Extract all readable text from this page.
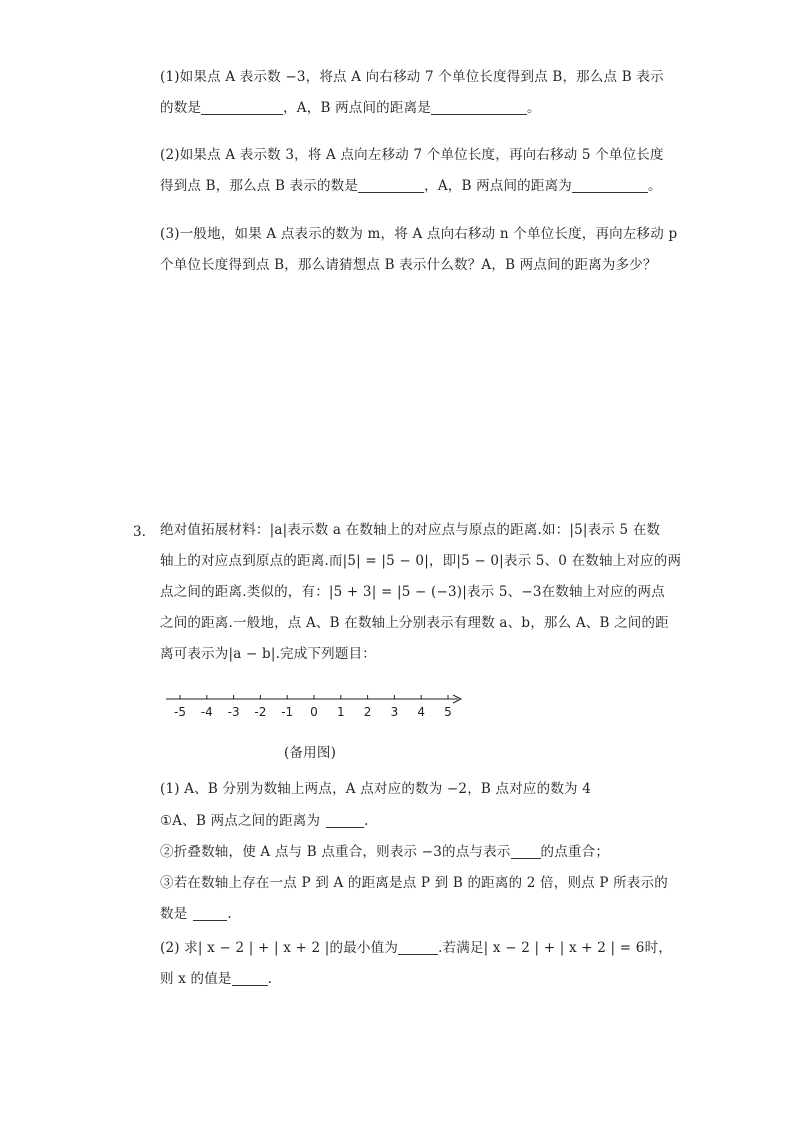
(1)如果点 A 表示数 −3，将点 A 向右移动 7 个单位长度得到点 B，那么点 B 表示
的数是	，A，B 两点间的距离是	。
(2)如果点 A 表示数 3，将 A 点向左移动 7 个单位长度，再向右移动 5 个单位长度
得到点 B，那么点 B 表示的数是	，A，B 两点间的距离为	。
(3)一般地，如果 A 点表示的数为 m，将 A 点向右移动 n 个单位长度，再向左移动 p
个单位长度得到点 B，那么请猜想点 B 表示什么数？A，B 两点间的距离为多少？
3. 绝对值拓展材料：|a|表示数 a 在数轴上的对应点与原点的距离.如：|5|表示 5 在数
轴上的对应点到原点的距离.而|5| = |5 − 0|，即|5 − 0|表示 5、0 在数轴上对应的两
点之间的距离.类似的，有：|5 + 3| = |5 − (−3)|表示 5、−3在数轴上对应的两点
之间的距离.一般地，点 A、B 在数轴上分别表示有理数 a、b，那么 A、B 之间的距
离可表示为|a − b|.完成下列题目：
-5 -4 -3 -2 -1 0 1 2 3 4 5
(备用图)
(1) A、B 分别为数轴上两点，A 点对应的数为 −2，B 点对应的数为 4
①A、B 两点之间的距离为	.
②折叠数轴，使 A 点与 B 点重合，则表示 −3的点与表示 的点重合；
③若在数轴上存在一点 P 到 A 的距离是点 P 到 B 的距离的 2 倍，则点 P 所表示的
数是	.
(2) 求| x − 2 | + | x + 2 |的最小值为	.若满足| x − 2 | + | x + 2 | = 6时，
则 x 的值是	.
